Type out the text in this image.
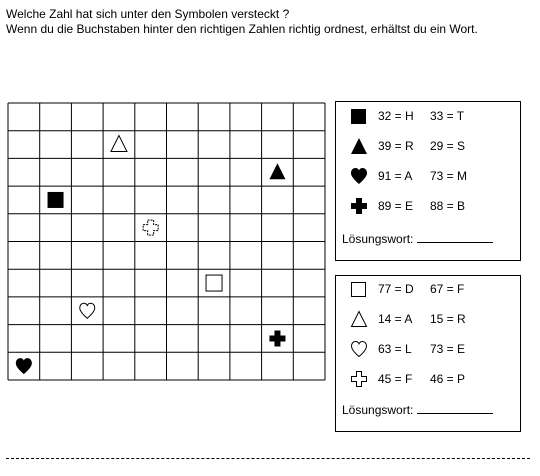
Welche Zahl hat sich unter den Symbolen versteckt ?
Wenn du die Buchstaben hinter den richtigen Zahlen richtig ordnest, erhältst du ein Wort.
32 = H	33 = T
39 = R	29 = S
91 = A	73 = M
89 = E	88 = B
Lösungswort:
77 = D	67 = F
14 = A	15 = R
63 = L	73 = E
45 = F	46 = P
Lösungswort:
